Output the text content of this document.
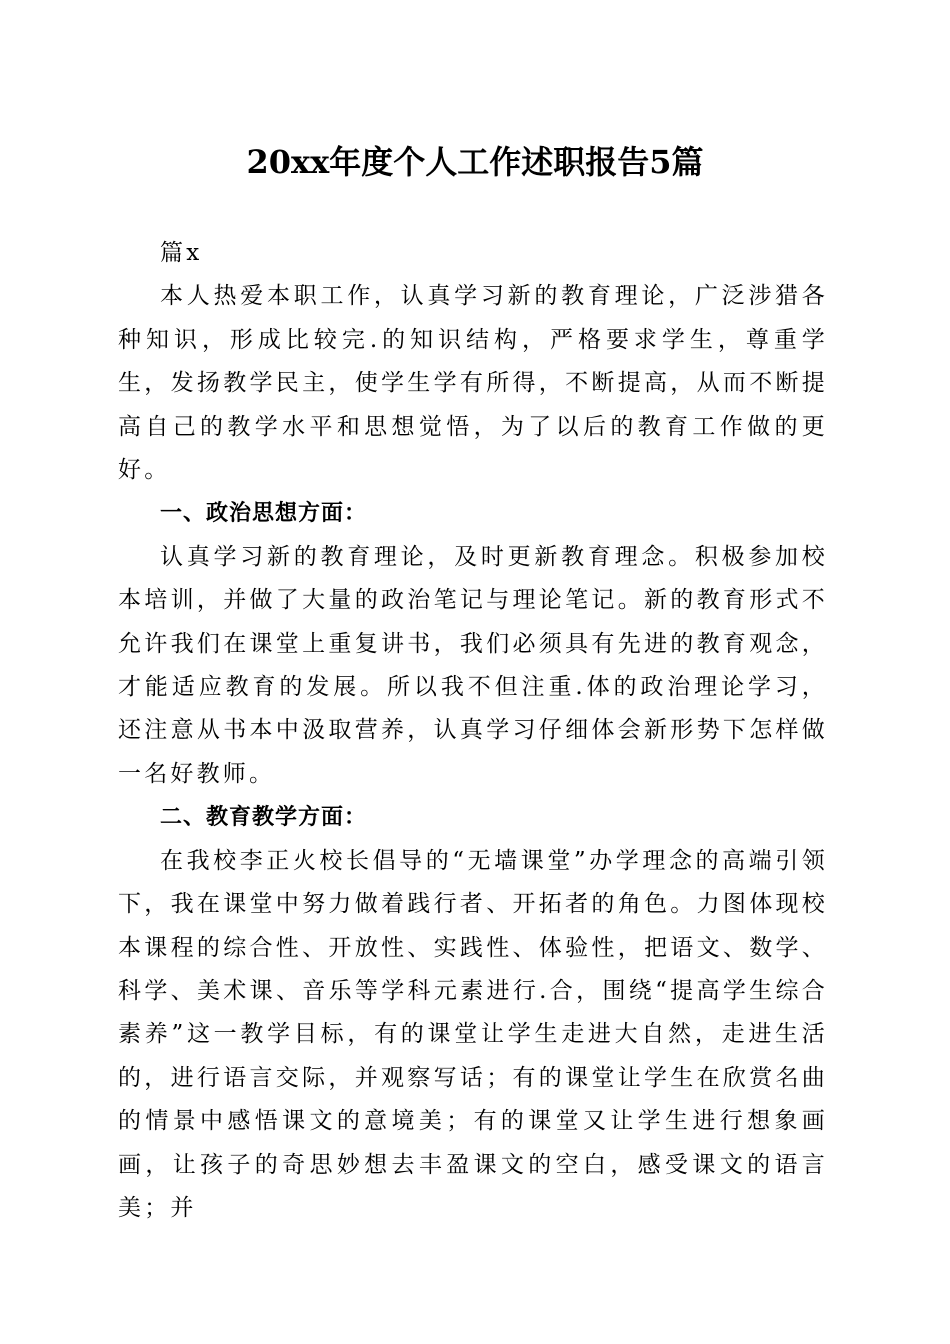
20xx年度个人工作述职报告5篇

篇x

本人热爱本职工作，认真学习新的教育理论，广泛涉猎各种知识，形成比较完.的知识结构，严格要求学生，尊重学生，发扬教学民主，使学生学有所得，不断提高，从而不断提高自己的教学水平和思想觉悟，为了以后的教育工作做的更好。

一、政治思想方面：

认真学习新的教育理论，及时更新教育理念。积极参加校本培训，并做了大量的政治笔记与理论笔记。新的教育形式不允许我们在课堂上重复讲书，我们必须具有先进的教育观念，才能适应教育的发展。所以我不但注重.体的政治理论学习，还注意从书本中汲取营养，认真学习仔细体会新形势下怎样做一名好教师。

二、教育教学方面：

在我校李正火校长倡导的“无墙课堂”办学理念的高端引领下，我在课堂中努力做着践行者、开拓者的角色。力图体现校本课程的综合性、开放性、实践性、体验性，把语文、数学、科学、美术课、音乐等学科元素进行.合，围绕“提高学生综合素养”这一教学目标，有的课堂让学生走进大自然，走进生活的，进行语言交际，并观察写话；有的课堂让学生在欣赏名曲的情景中感悟课文的意境美；有的课堂又让学生进行想象画画，让孩子的奇思妙想去丰盈课文的空白，感受课文的语言美；并
